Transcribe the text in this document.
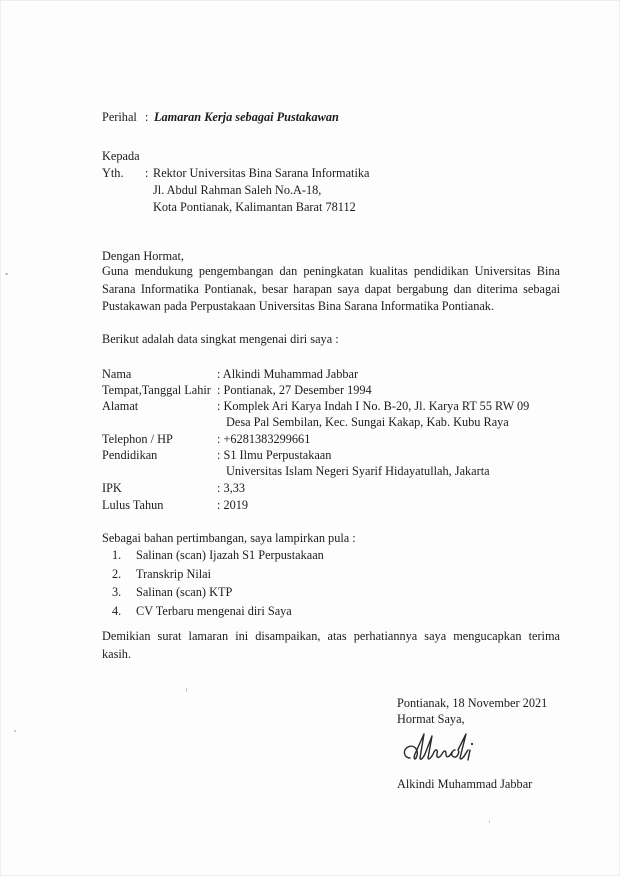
Perihal : Lamaran Kerja sebagai Pustakawan
Kepada
Yth. : Rektor Universitas Bina Sarana Informatika
Jl. Abdul Rahman Saleh No.A-18,
Kota Pontianak, Kalimantan Barat 78112
Dengan Hormat,
Guna mendukung pengembangan dan peningkatan kualitas pendidikan Universitas Bina
Sarana Informatika Pontianak, besar harapan saya dapat bergabung dan diterima sebagai
Pustakawan pada Perpustakaan Universitas Bina Sarana Informatika Pontianak.
Berikut adalah data singkat mengenai diri saya :
Nama	: Alkindi Muhammad Jabbar
Tempat,Tanggal Lahir : Pontianak, 27 Desember 1994
Alamat	: Komplek Ari Karya Indah I No. B-20, Jl. Karya RT 55 RW 09
Desa Pal Sembilan, Kec. Sungai Kakap, Kab. Kubu Raya
Telephon / HP	: +6281383299661
Pendidikan	: S1 Ilmu Perpustakaan
Universitas Islam Negeri Syarif Hidayatullah, Jakarta
IPK	: 3,33
Lulus Tahun	: 2019
Sebagai bahan pertimbangan, saya lampirkan pula :
1. Salinan (scan) Ijazah S1 Perpustakaan
2. Transkrip Nilai
3. Salinan (scan) KTP
4. CV Terbaru mengenai diri Saya
Demikian surat lamaran ini disampaikan, atas perhatiannya saya mengucapkan terima
kasih.
Pontianak, 18 November 2021
Hormat Saya,
Alkindi Muhammad Jabbar
